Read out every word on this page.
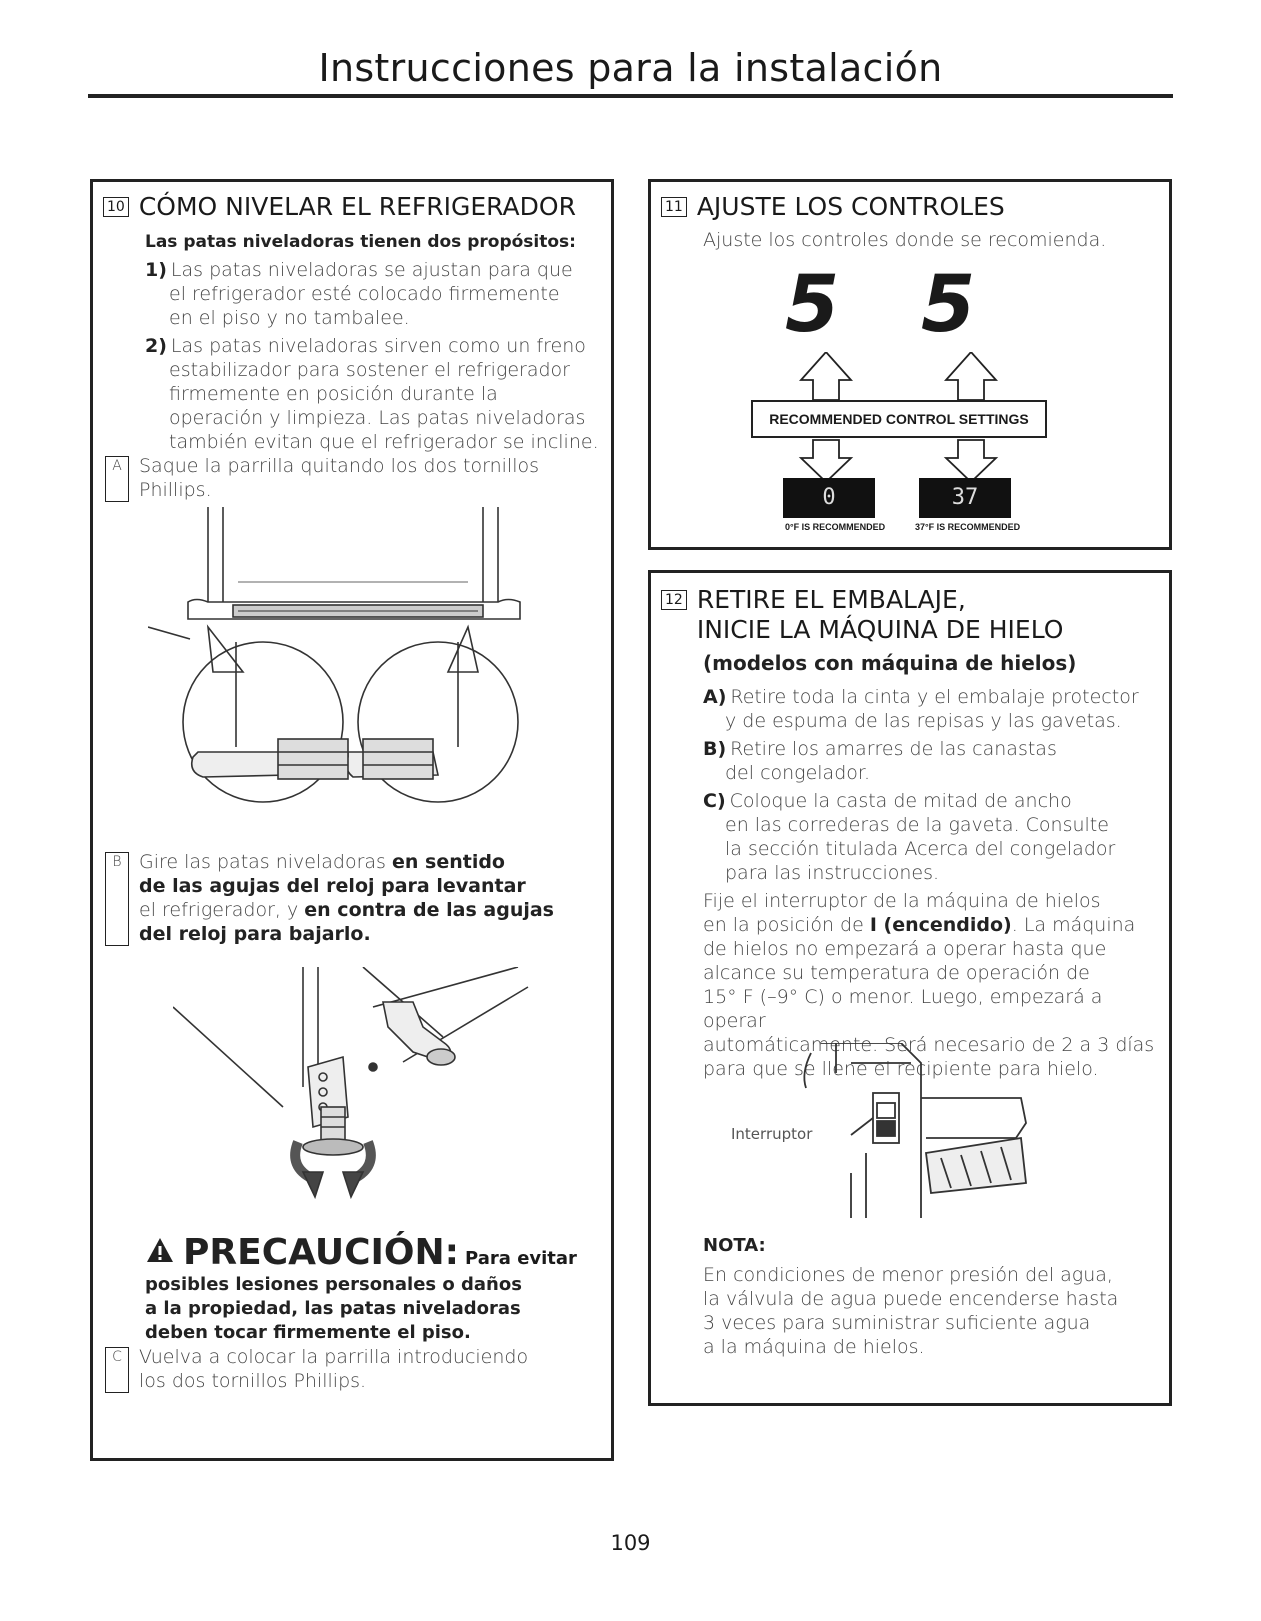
Instrucciones para la instalación
10 CÓMO NIVELAR EL REFRIGERADOR
Las patas niveladoras tienen dos propósitos:
1) Las patas niveladoras se ajustan para que
el refrigerador esté colocado firmemente
en el piso y no tambalee.
2) Las patas niveladoras sirven como un freno
estabilizador para sostener el refrigerador
firmemente en posición durante la
operación y limpieza. Las patas niveladoras
también evitan que el refrigerador se incline.
A Saque la parrilla quitando los dos tornillos
Phillips.
B Gire las patas niveladoras en sentido
de las agujas del reloj para levantar
el refrigerador, y en contra de las agujas
del reloj para bajarlo.
PRECAUCIÓN: Para evitar
posibles lesiones personales o daños
a la propiedad, las patas niveladoras
deben tocar firmemente el piso.
C Vuelva a colocar la parrilla introduciendo
los dos tornillos Phillips.
11 AJUSTE LOS CONTROLES
Ajuste los controles donde se recomienda.
5 5
RECOMMENDED CONTROL SETTINGS
0	37
0°F IS RECOMMENDED	37°F IS RECOMMENDED
12 RETIRE EL EMBALAJE,
INICIE LA MÁQUINA DE HIELO
(modelos con máquina de hielos)
A) Retire toda la cinta y el embalaje protector
y de espuma de las repisas y las gavetas.
B) Retire los amarres de las canastas
del congelador.
C) Coloque la casta de mitad de ancho
en las correderas de la gaveta. Consulte
la sección titulada Acerca del congelador
para las instrucciones.
Fije el interruptor de la máquina de hielos
en la posición de I (encendido). La máquina
de hielos no empezará a operar hasta que
alcance su temperatura de operación de
15° F (–9° C) o menor. Luego, empezará a operar
automáticamente. Será necesario de 2 a 3 días
para que se llene el recipiente para hielo.
Interruptor
NOTA:
En condiciones de menor presión del agua,
la válvula de agua puede encenderse hasta
3 veces para suministrar suficiente agua
a la máquina de hielos.
109
